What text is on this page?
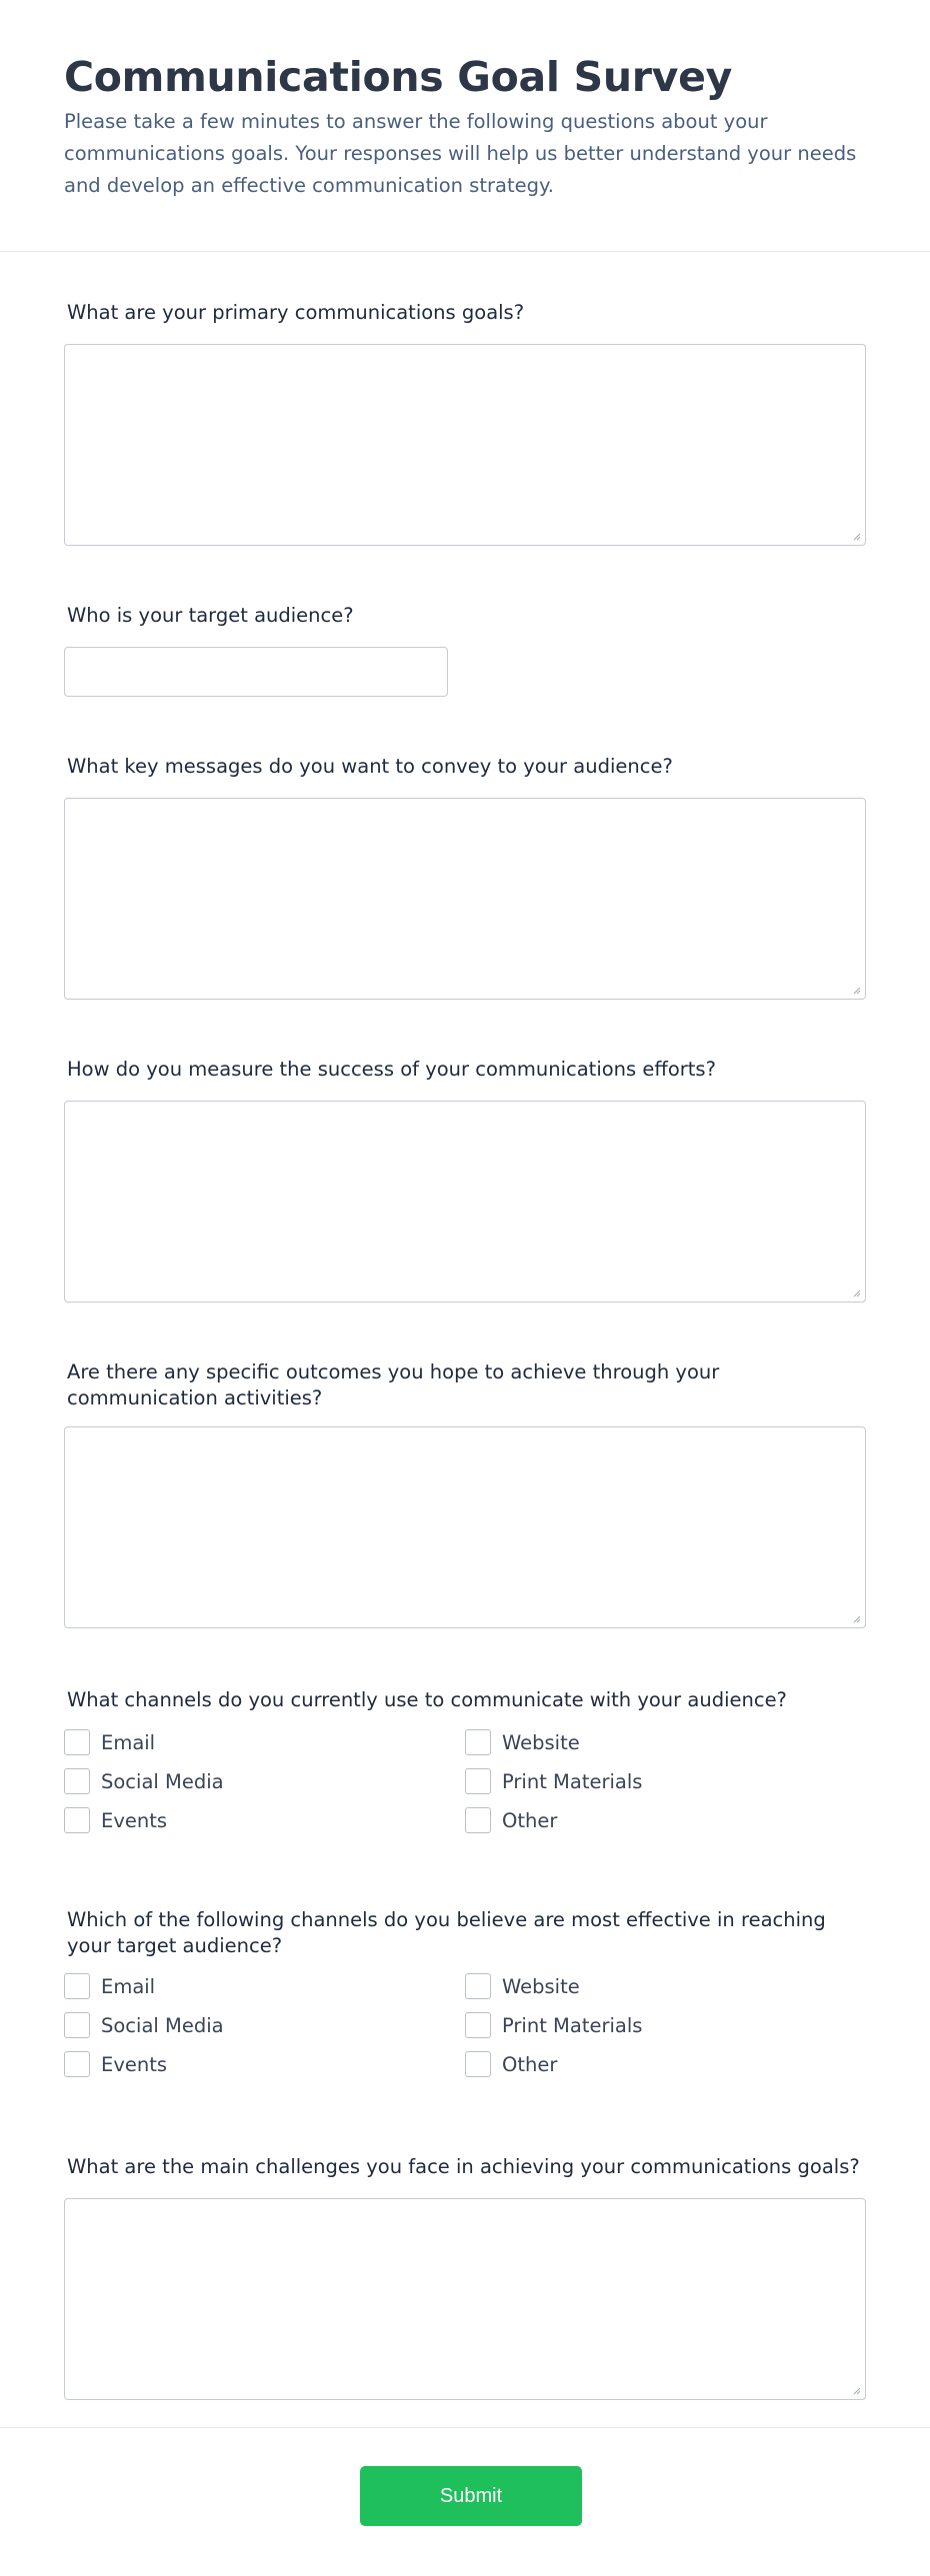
Communications Goal Survey

Please take a few minutes to answer the following questions about your communications goals. Your responses will help us better understand your needs and develop an effective communication strategy.

What are your primary communications goals?
Who is your target audience?
What key messages do you want to convey to your audience?
How do you measure the success of your communications efforts?
Are there any specific outcomes you hope to achieve through your communication activities?
What channels do you currently use to communicate with your audience?
Email	Website
Social Media	Print Materials
Events	Other
Which of the following channels do you believe are most effective in reaching your target audience?
Email	Website
Social Media	Print Materials
Events	Other
What are the main challenges you face in achieving your communications goals?
Submit
